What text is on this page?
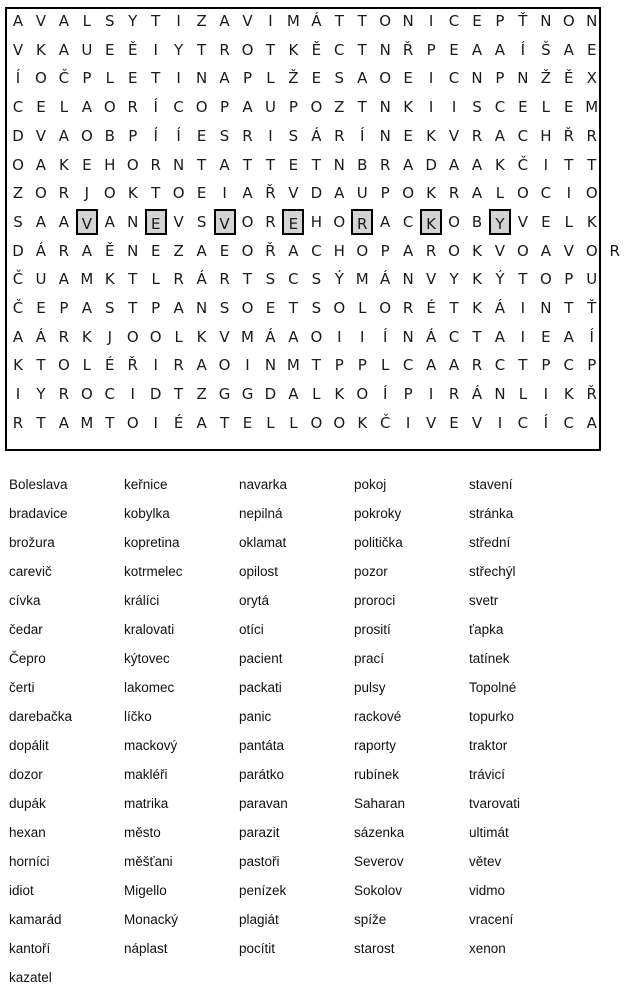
A V A L S Y T	I	Z A V	I M Á T T O N	I	C E P Ť N O N
V K A U E Ě	I	Y T R O T K Ě C T N Ř P E A A	Í	Š A E
Í O Č P L E T	I	N A P L Ž E S A O E	I	C N P N Ž Ě X
C E L A O R	Í	C O P A U P O Z T N K	I	I	S C E L E M
D V A O B P	Í	Í	E S R	I	S Á R	Í	N E K V R A C H Ř R
O A K E H O R N T A T T E T N B R A D A A K Č	I	T T
Z O R	J O K T O E	I	A Ř V D A U P O K R A L O C	I O
S A A V A N E V S V O R E H O R A C K O B Y V E L K
D Á R A Ě N E Z A E O Ř A C H O P A R O K V O A V O R
Č U A M K T L R Á R T S C S Ý M Á N V Y K Ý T O P U
Č E P A S T P A N S O E T S O L O R É T K Á	I	N T Ť
A Á R K	J O O L K V M Á A O I	I	Í	N Á C T A	I	E A	Í
K T O L É Ř	I	R A O I	N M T P P L C A A R C T P C P
I	Y R O C	I D T Z G G D A L K O Í	P	I	R Á N L	I	K Ř
R T A M T O I	É A T E L L O O K Č	I	V E V	I	C	Í	C A
Boleslava
bradavice
brožura
carevič
cívka
čedar
Čepro
čerti
darebačka
dopálit
dozor
dupák
hexan
horníci
idiot
kamarád
kantoří
kazatel
keřnice
kobylka
kopretina
kotrmelec
králíci
kralovati
kýtovec
lakomec
líčko
mackový
makléři
matrika
město
měšťani
Migello
Monacký
náplast
navarka
nepilná
oklamat
opilost
orytá
otíci
pacient
packati
panic
pantáta
parátko
paravan
parazit
pastoři
penízek
plagiát
pocítit
pokoj
pokroky
politička
pozor
proroci
prosití
prací
pulsy
rackové
raporty
rubínek
Saharan
sázenka
Severov
Sokolov
spíže
starost
stavení
stránka
střední
střechýl
svetr
ťapka
tatínek
Topolné
topurko
traktor
trávicí
tvarovati
ultimát
větev
vidmo
vracení
xenon
